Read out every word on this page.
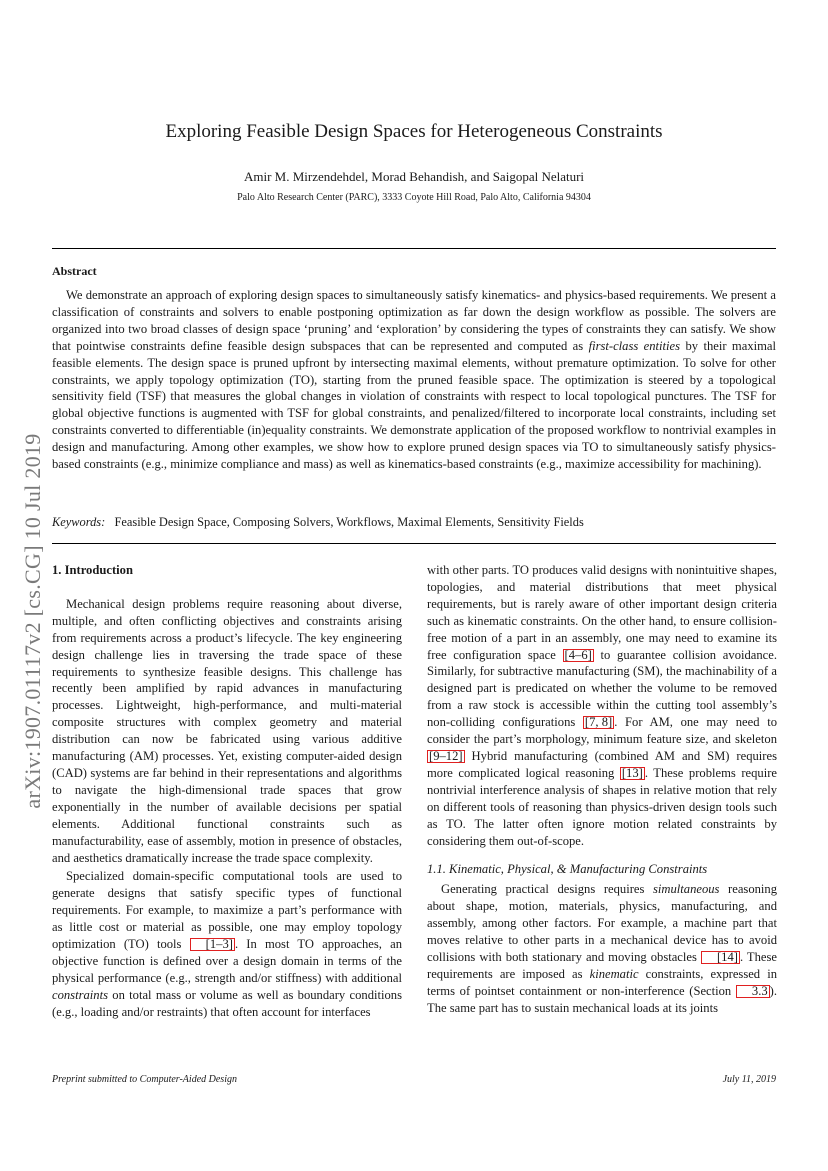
arXiv:1907.01117v2 [cs.CG] 10 Jul 2019
Exploring Feasible Design Spaces for Heterogeneous Constraints
Amir M. Mirzendehdel, Morad Behandish, and Saigopal Nelaturi
Palo Alto Research Center (PARC), 3333 Coyote Hill Road, Palo Alto, California 94304
Abstract
We demonstrate an approach of exploring design spaces to simultaneously satisfy kinematics- and physics-based requirements. We present a classification of constraints and solvers to enable postponing optimization as far down the design workflow as possible. The solvers are organized into two broad classes of design space ‘pruning’ and ‘exploration’ by considering the types of constraints they can satisfy. We show that pointwise constraints define feasible design subspaces that can be represented and computed as first-class entities by their maximal feasible elements. The design space is pruned upfront by intersecting maximal elements, without premature optimization. To solve for other constraints, we apply topology optimization (TO), starting from the pruned feasible space. The optimization is steered by a topological sensitivity field (TSF) that measures the global changes in violation of constraints with respect to local topological punctures. The TSF for global objective functions is augmented with TSF for global constraints, and penalized/filtered to incorporate local constraints, including set constraints converted to differentiable (in)equality constraints. We demonstrate application of the proposed workflow to nontrivial examples in design and manufacturing. Among other examples, we show how to explore pruned design spaces via TO to simultaneously satisfy physics-based constraints (e.g., minimize compliance and mass) as well as kinematics-based constraints (e.g., maximize accessibility for machining).
Keywords: Feasible Design Space, Composing Solvers, Workflows, Maximal Elements, Sensitivity Fields
1. Introduction

Mechanical design problems require reasoning about diverse, multiple, and often conflicting objectives and constraints arising from requirements across a product’s lifecycle. The key engineering design challenge lies in traversing the trade space of these requirements to synthesize feasible designs. This challenge has recently been amplified by rapid advances in manufacturing processes. Lightweight, high-performance, and multi-material composite structures with complex geometry and material distribution can now be fabricated using various additive manufacturing (AM) processes. Yet, existing computer-aided design (CAD) systems are far behind in their representations and algorithms to navigate the high-dimensional trade spaces that grow exponentially in the number of available decisions per spatial elements. Additional functional constraints such as manufacturability, ease of assembly, motion in presence of obstacles, and aesthetics dramatically increase the trade space complexity.

Specialized domain-specific computational tools are used to generate designs that satisfy specific types of functional requirements. For example, to maximize a part’s performance with as little cost or material as possible, one may employ topology optimization (TO) tools [1–3] . In most TO approaches, an objective function is defined over a design domain in terms of the physical performance (e.g., strength and/or stiffness) with additional constraints on total mass or volume as well as boundary conditions (e.g., loading and/or restraints) that often account for interfaces

with other parts. TO produces valid designs with nonintuitive shapes, topologies, and material distributions that meet physical requirements, but is rarely aware of other important design criteria such as kinematic constraints. On the other hand, to ensure collision-free motion of a part in an assembly, one may need to examine its free configuration space [4–6] to guarantee collision avoidance. Similarly, for subtractive manufacturing (SM), the machinability of a designed part is predicated on whether the volume to be removed from a raw stock is accessible within the cutting tool assembly’s non-colliding configurations [7, 8] . For AM, one may need to consider the part’s morphology, minimum feature size, and skeleton [9–12] Hybrid manufacturing (combined AM and SM) requires more complicated logical reasoning [13] . These problems require nontrivial interference analysis of shapes in relative motion that rely on different tools of reasoning than physics-driven design tools such as TO. The latter often ignore motion related constraints by considering them out-of-scope.

1.1. Kinematic, Physical, & Manufacturing Constraints

Generating practical designs requires simultaneous reasoning about shape, motion, materials, physics, manufacturing, and assembly, among other factors. For example, a machine part that moves relative to other parts in a mechanical device has to avoid collisions with both stationary and moving obstacles [14] . These requirements are imposed as kinematic constraints, expressed in terms of pointset containment or non-interference (Section 3.3 ). The same part has to sustain mechanical loads at its joints

Preprint submitted to Computer-Aided Design	July 11, 2019
